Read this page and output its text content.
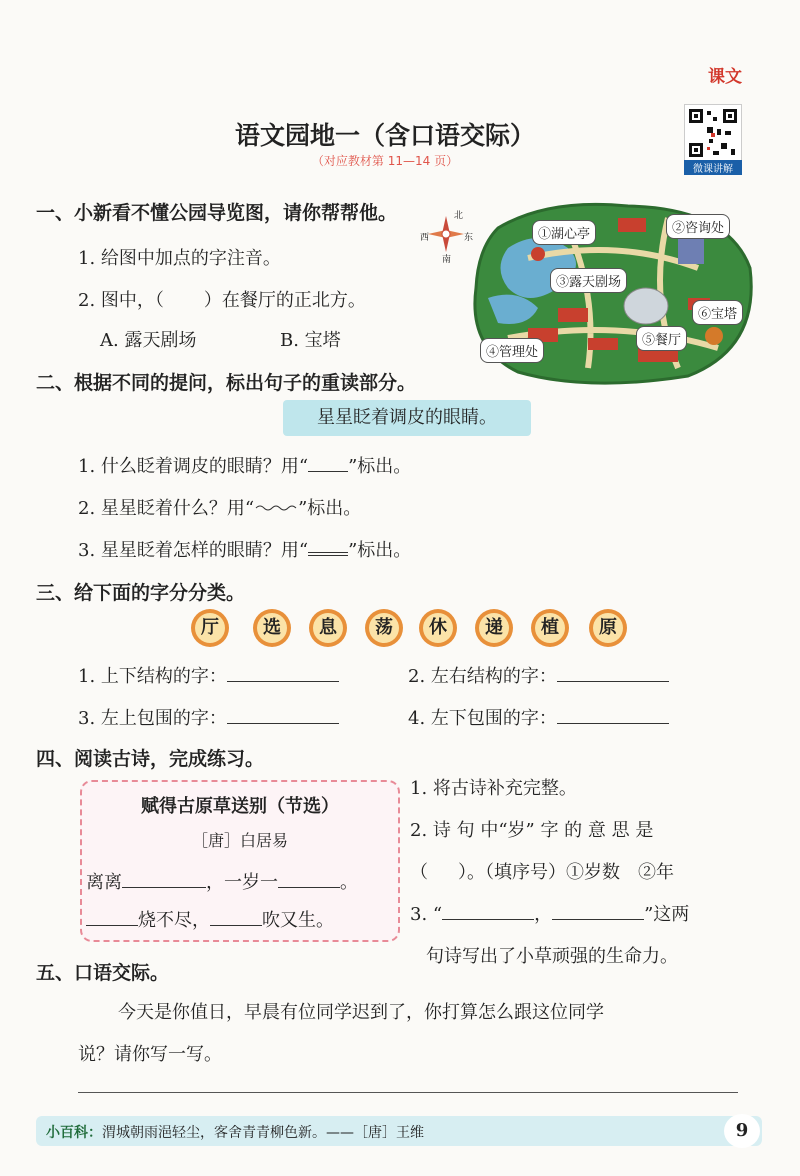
课文
语文园地一（含口语交际）
（对应教材第 11—14 页）
微课讲解
一、小新看不懂公园导览图，请你帮帮他。
1. 给图中加点的字注音。
2. 图中，（ ）在餐厅的正北方。
A. 露天剧场	B. 宝塔
北
南
西	东	①湖心亭	②咨询处
③露天剧场
④管理处
⑤餐厅
⑥宝塔
二、根据不同的提问，标出句子的重读部分。
星星眨着调皮的眼睛。
1. 什么眨着调皮的眼睛？用“ ”标出。
2. 星星眨着什么？用“ ”标出。
3. 星星眨着怎样的眼睛？用“ ”标出。
三、给下面的字分分类。
厅	选	息	荡	休	递	植	原
1. 上下结构的字：	2. 左右结构的字：
3. 左上包围的字：	4. 左下包围的字：
四、阅读古诗，完成练习。
赋得古原草送别（节选）
［唐］白居易
离离	，一岁一	。
烧不尽，	吹又生。
1. 将古诗补充完整。
2. 诗 句 中“岁” 字 的 意 思 是
（ ）。（填序号）①岁数　②年
3. “	，	”这两
句诗写出了小草顽强的生命力。
五、口语交际。
今天是你值日，早晨有位同学迟到了，你打算怎么跟这位同学
说？请你写一写。
小百科：渭城朝雨浥轻尘，客舍青青柳色新。——［唐］王维	9
